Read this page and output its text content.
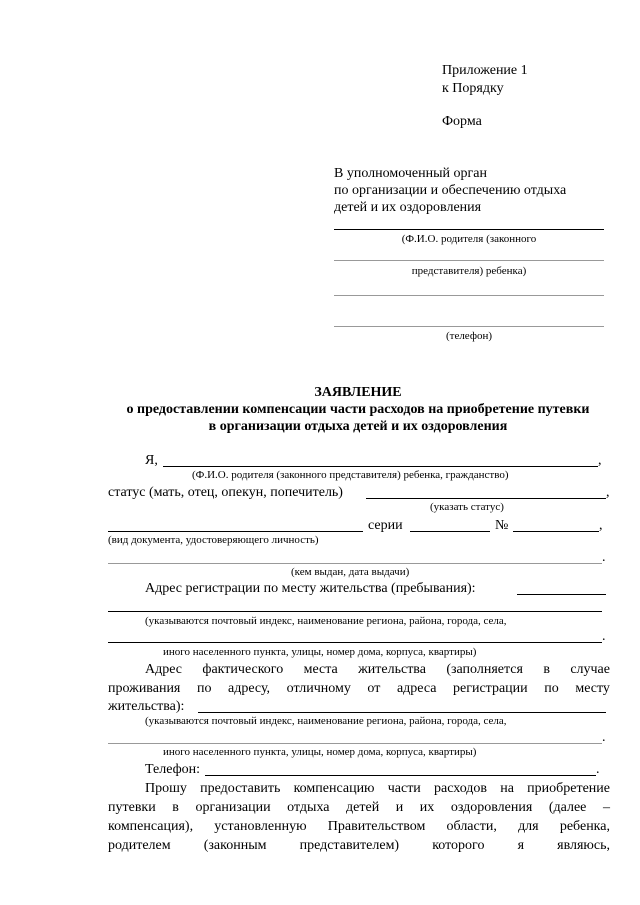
Приложение 1
к Порядку
Форма
В уполномоченный орган
по организации и обеспечению отдыха
детей и их оздоровления
(Ф.И.О. родителя (законного
представителя) ребенка)
(телефон)
ЗАЯВЛЕНИЕ
о предоставлении компенсации части расходов на приобретение путевки
в организации отдыха детей и их оздоровления
Я,	,
(Ф.И.О. родителя (законного представителя) ребенка, гражданство)
статус (мать, отец, опекун, попечитель)	,
(указать статус)
серии	№	,
(вид документа, удостоверяющего личность)
.
(кем выдан, дата выдачи)
Адрес регистрации по месту жительства (пребывания):
(указываются почтовый индекс, наименование региона, района, города, села,
.
иного населенного пункта, улицы, номер дома, корпуса, квартиры)
Адрес фактического места жительства (заполняется в случае
проживания по адресу, отличному от адреса регистрации по месту
жительства):
(указываются почтовый индекс, наименование региона, района, города, села,
.
иного населенного пункта, улицы, номер дома, корпуса, квартиры)
Телефон:	.
Прошу предоставить компенсацию части расходов на приобретение
путевки в организации отдыха детей и их оздоровления (далее –
компенсация), установленную Правительством области, для ребенка,
родителем (законным представителем) которого я являюсь,
